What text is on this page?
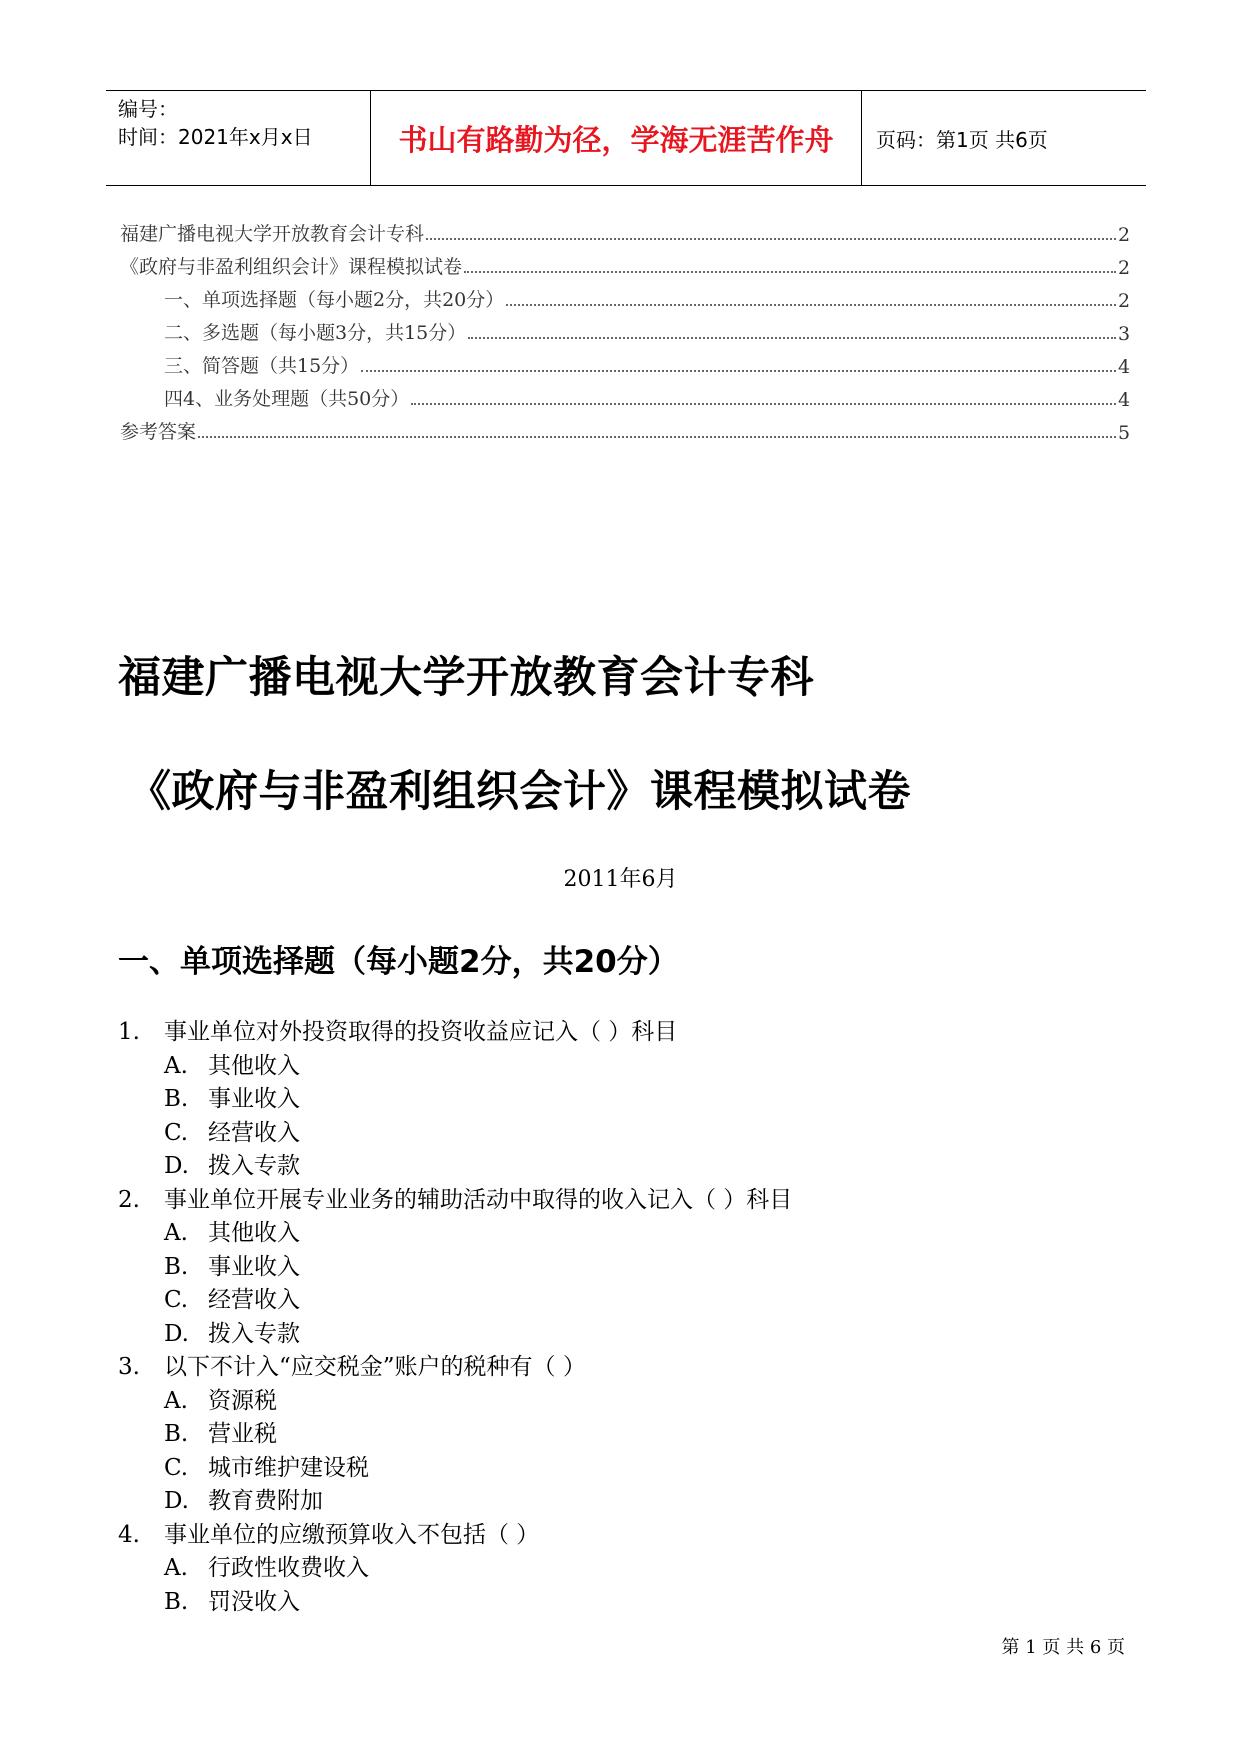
编号：
时间：2021年x月x日	书山有路勤为径，学海无涯苦作舟	页码：第1页 共6页
福建广播电视大学开放教育会计专科	2
《政府与非盈利组织会计》课程模拟试卷	2
一、单项选择题（每小题2分，共20分）	2
二、多选题（每小题3分，共15分）	3
三、简答题（共15分）	4
四4、业务处理题（共50分）	4
参考答案	5
福建广播电视大学开放教育会计专科
《政府与非盈利组织会计》课程模拟试卷
2011年6月
一、单项选择题（每小题2分，共20分）
1. 事业单位对外投资取得的投资收益应记入（ ）科目
A. 其他收入
B. 事业收入
C. 经营收入
D. 拨入专款
2. 事业单位开展专业业务的辅助活动中取得的收入记入（ ）科目
A. 其他收入
B. 事业收入
C. 经营收入
D. 拨入专款
3. 以下不计入“应交税金”账户的税种有（ ）
A. 资源税
B. 营业税
C. 城市维护建设税
D. 教育费附加
4. 事业单位的应缴预算收入不包括（ ）
A. 行政性收费收入
B. 罚没收入
第 1 页 共 6 页
